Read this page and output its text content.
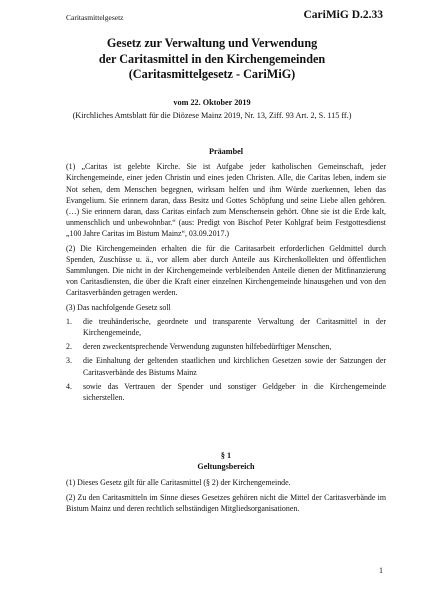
Caritasmittelgesetz	CariMiG D.2.33
Gesetz zur Verwaltung und Verwendung
der Caritasmittel in den Kirchengemeinden
(Caritasmittelgesetz - CariMiG)
vom 22. Oktober 2019
(Kirchliches Amtsblatt für die Diözese Mainz 2019, Nr. 13, Ziff. 93 Art. 2, S. 115 ff.)
Präambel

(1) „Caritas ist gelebte Kirche. Sie ist Aufgabe jeder katholischen Gemeinschaft, jeder Kirchengemeinde, einer jeden Christin und eines jeden Christen. Alle, die Caritas leben, indem sie Not sehen, dem Menschen begegnen, wirksam helfen und ihm Würde zuerkennen, leben das Evangelium. Sie erinnern daran, dass Besitz und Gottes Schöpfung und seine Liebe allen gehören. (…) Sie erinnern daran, dass Caritas einfach zum Menschensein gehört. Ohne sie ist die Erde kalt, unmenschlich und unbewohnbar.“ (aus: Predigt von Bischof Peter Kohlgraf beim Festgottesdienst „100 Jahre Caritas im Bistum Mainz“, 03.09.2017.)

(2) Die Kirchengemeinden erhalten die für die Caritasarbeit erforderlichen Geldmittel durch Spenden, Zuschüsse u. ä., vor allem aber durch Anteile aus Kirchenkollekten und öffentlichen Sammlungen. Die nicht in der Kirchengemeinde verbleibenden Anteile dienen der Mitfinanzierung von Caritasdiensten, die über die Kraft einer einzelnen Kirchengemeinde hinausgehen und von den Caritasverbänden getragen werden.

(3) Das nachfolgende Gesetz soll

1.	die treuhänderische, geordnete und transparente Verwaltung der Caritasmittel in der Kirchengemeinde,
2.	deren zweckentsprechende Verwendung zugunsten hilfebedürftiger Menschen,
3.	die Einhaltung der geltenden staatlichen und kirchlichen Gesetzen sowie der Satzungen der Caritasverbände des Bistums Mainz
4.	sowie das Vertrauen der Spender und sonstiger Geldgeber in die Kirchengemeinde sicherstellen.
§ 1
Geltungsbereich

(1) Dieses Gesetz gilt für alle Caritasmittel (§ 2) der Kirchengemeinde.

(2) Zu den Caritasmitteln im Sinne dieses Gesetzes gehören nicht die Mittel der Caritasverbände im Bistum Mainz und deren rechtlich selbständigen Mitgliedsorganisationen.

1
